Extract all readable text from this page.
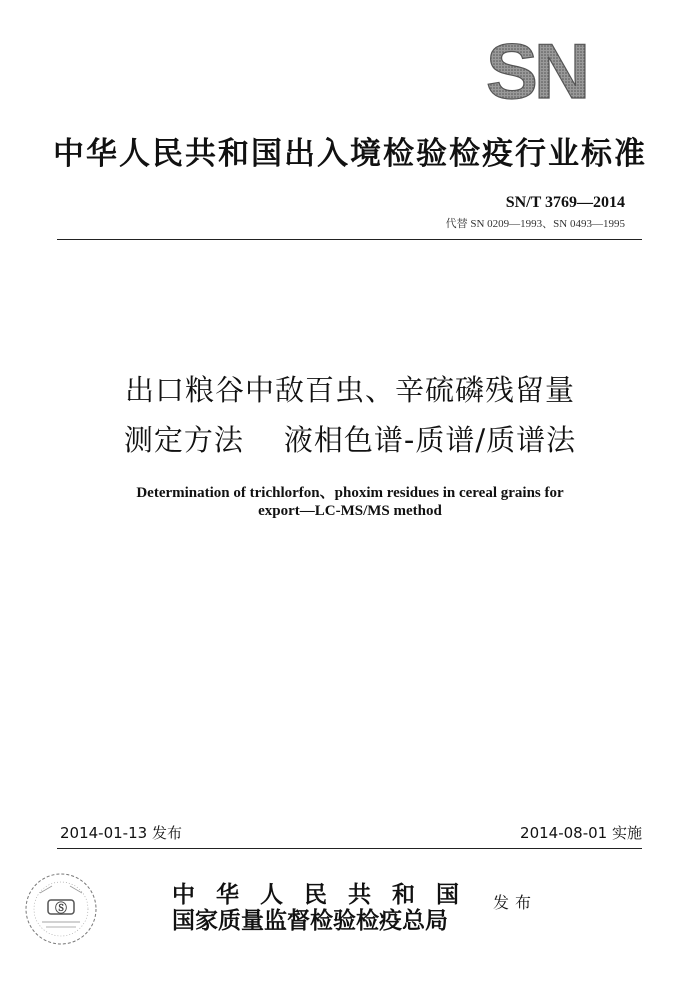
SN
中华人民共和国出入境检验检疫行业标准
SN/T 3769—2014
代替 SN 0209—1993、SN 0493—1995
出口粮谷中敌百虫、辛硫磷残留量
测定方法 液相色谱-质谱/质谱法
Determination of trichlorfon、phoxim residues in cereal grains for
export—LC-MS/MS method
2014-01-13 发布	2014-08-01 实施
Ⓢ	中华人民共和国
国家质量监督检验检疫总局
发布
